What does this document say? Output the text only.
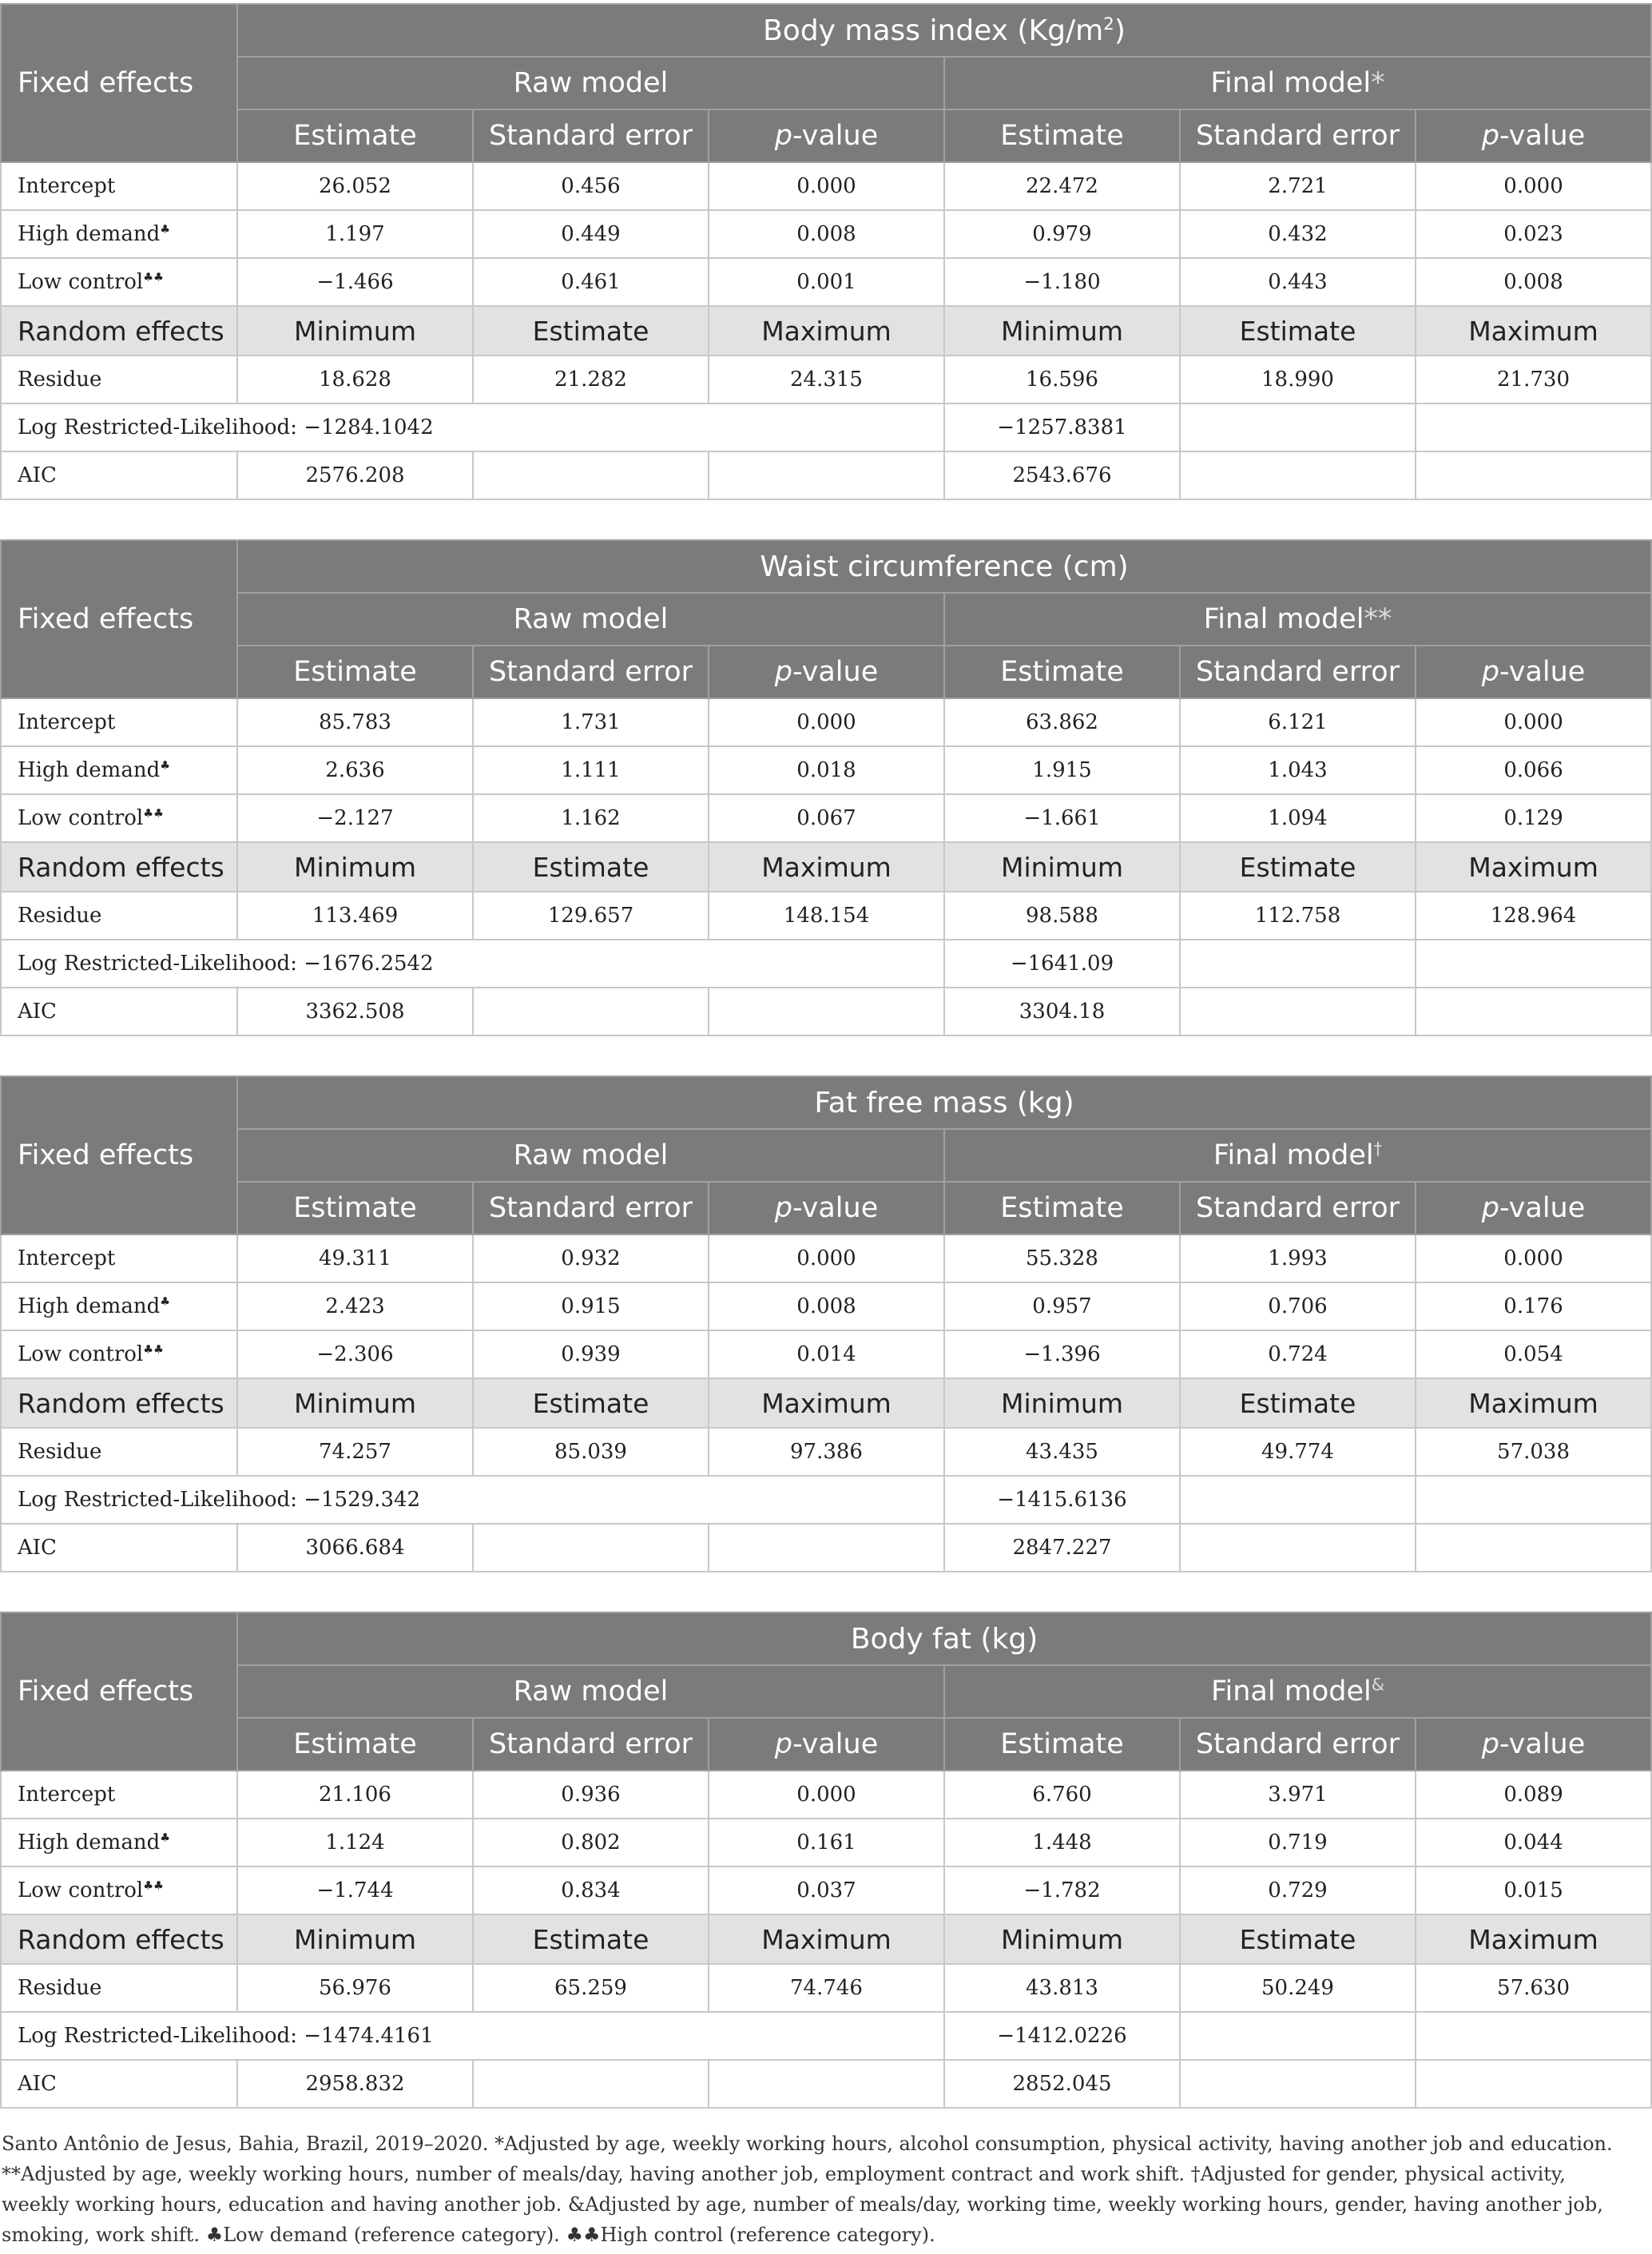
Fixed effects	Body mass index $(Kg/m^2)$					
	Raw model			Final model*		
	Estimate	Standard error	p-value	Estimate	Standard error	p-value
Intercept	26.052	0.456	0.000	22.472	2.721	0.000
High demand♣	1.197	0.449	0.008	0.979	0.432	0.023
Low control♣♣	−1.466	0.461	0.001	−1.180	0.443	0.008
Random effects	Minimum	Estimate	Maximum	Minimum	Estimate	Maximum
Residue	18.628	21.282	24.315	16.596	18.990	21.730
Log Restricted-Likelihood: −1284.1042				−1257.8381		
AIC	2576.208			2543.676		
Fixed effects	Waist circumference (cm)					
	Raw model			Final model**		
	Estimate	Standard error	p-value	Estimate	Standard error	p-value
Intercept	85.783	1.731	0.000	63.862	6.121	0.000
High demand♣	2.636	1.111	0.018	1.915	1.043	0.066
Low control♣♣	−2.127	1.162	0.067	−1.661	1.094	0.129
Random effects	Minimum	Estimate	Maximum	Minimum	Estimate	Maximum
Residue	113.469	129.657	148.154	98.588	112.758	128.964
Log Restricted-Likelihood: −1676.2542				−1641.09		
AIC	3362.508			3304.18		
Fixed effects	Fat free mass (kg)					
	Raw model			Final model†
	Estimate	Standard error	p-value	Estimate	Standard error	p-value
Intercept	49.311	0.932	0.000	55.328	1.993	0.000
High demand♣	2.423	0.915	0.008	0.957	0.706	0.176
Low control♣♣	−2.306	0.939	0.014	−1.396	0.724	0.054
Random effects	Minimum	Estimate	Maximum	Minimum	Estimate	Maximum
Residue	74.257	85.039	97.386	43.435	49.774	57.038
Log Restricted-Likelihood: −1529.342				−1415.6136		
AIC	3066.684			2847.227		
Fixed effects	Body fat (kg)					
	Raw model			Final model&
	Estimate	Standard error	p-value	Estimate	Standard error	p-value
Intercept	21.106	0.936	0.000	6.760	3.971	0.089
High demand♣	1.124	0.802	0.161	1.448	0.719	0.044
Low control♣♣	−1.744	0.834	0.037	−1.782	0.729	0.015
Random effects	Minimum	Estimate	Maximum	Minimum	Estimate	Maximum
Residue	56.976	65.259	74.746	43.813	50.249	57.630
Log Restricted-Likelihood: −1474.4161				−1412.0226		
AIC	2958.832			2852.045		
Santo Antônio de Jesus, Bahia, Brazil, 2019–2020. *Adjusted by age, weekly working hours, alcohol consumption, physical activity, having another job and education. **Adjusted by age, weekly working hours, number of meals/day, having another job, employment contract and work shift. †Adjusted for gender, physical activity, weekly working hours, education and having another job. &Adjusted by age, number of meals/day, working time, weekly working hours, gender, having another job, smoking, work shift. ♣Low demand (reference category). ♣♣High control (reference category).
